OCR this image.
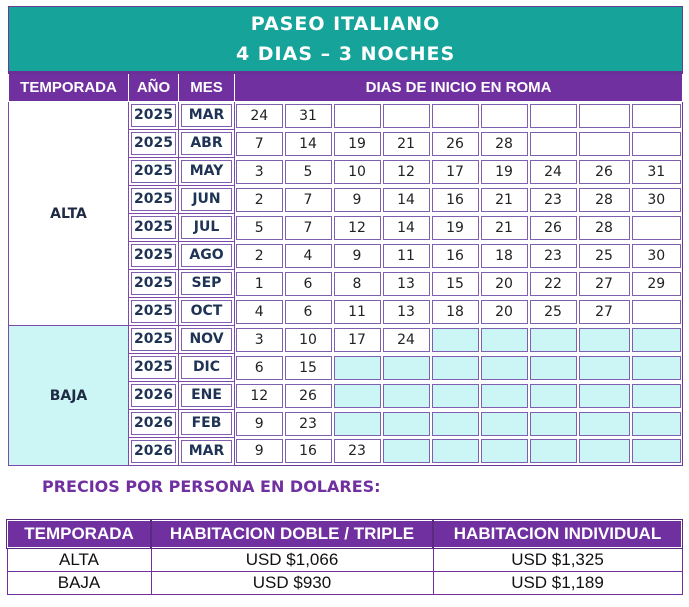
PASEO ITALIANO
4 DIAS – 3 NOCHES											

TEMPORADA	AÑO	MES	DIAS DE INICIO EN ROMA								
ALTA	2025	MAR	24	31							

	2025	ABR	7	14	19	21	26	28			

	2025	MAY	3	5	10	12	17	19	24	26	31

	2025	JUN	2	7	9	14	16	21	23	28	30

	2025	JUL	5	7	12	14	19	21	26	28	

	2025	AGO	2	4	9	11	16	18	23	25	30

	2025	SEP	1	6	8	13	15	20	22	27	29

	2025	OCT	4	6	11	13	18	20	25	27	

BAJA	2025	NOV	3	10	17	24					

	2025	DIC	6	15							

	2026	ENE	12	26							

	2026	FEB	9	23							

	2026	MAR	9	16	23						

PRECIOS POR PERSONA EN DOLARES:
TEMPORADA	HABITACION DOBLE / TRIPLE	HABITACION INDIVIDUAL
ALTA	USD $1,066	USD $1,325
BAJA	USD $930	USD $1,189
